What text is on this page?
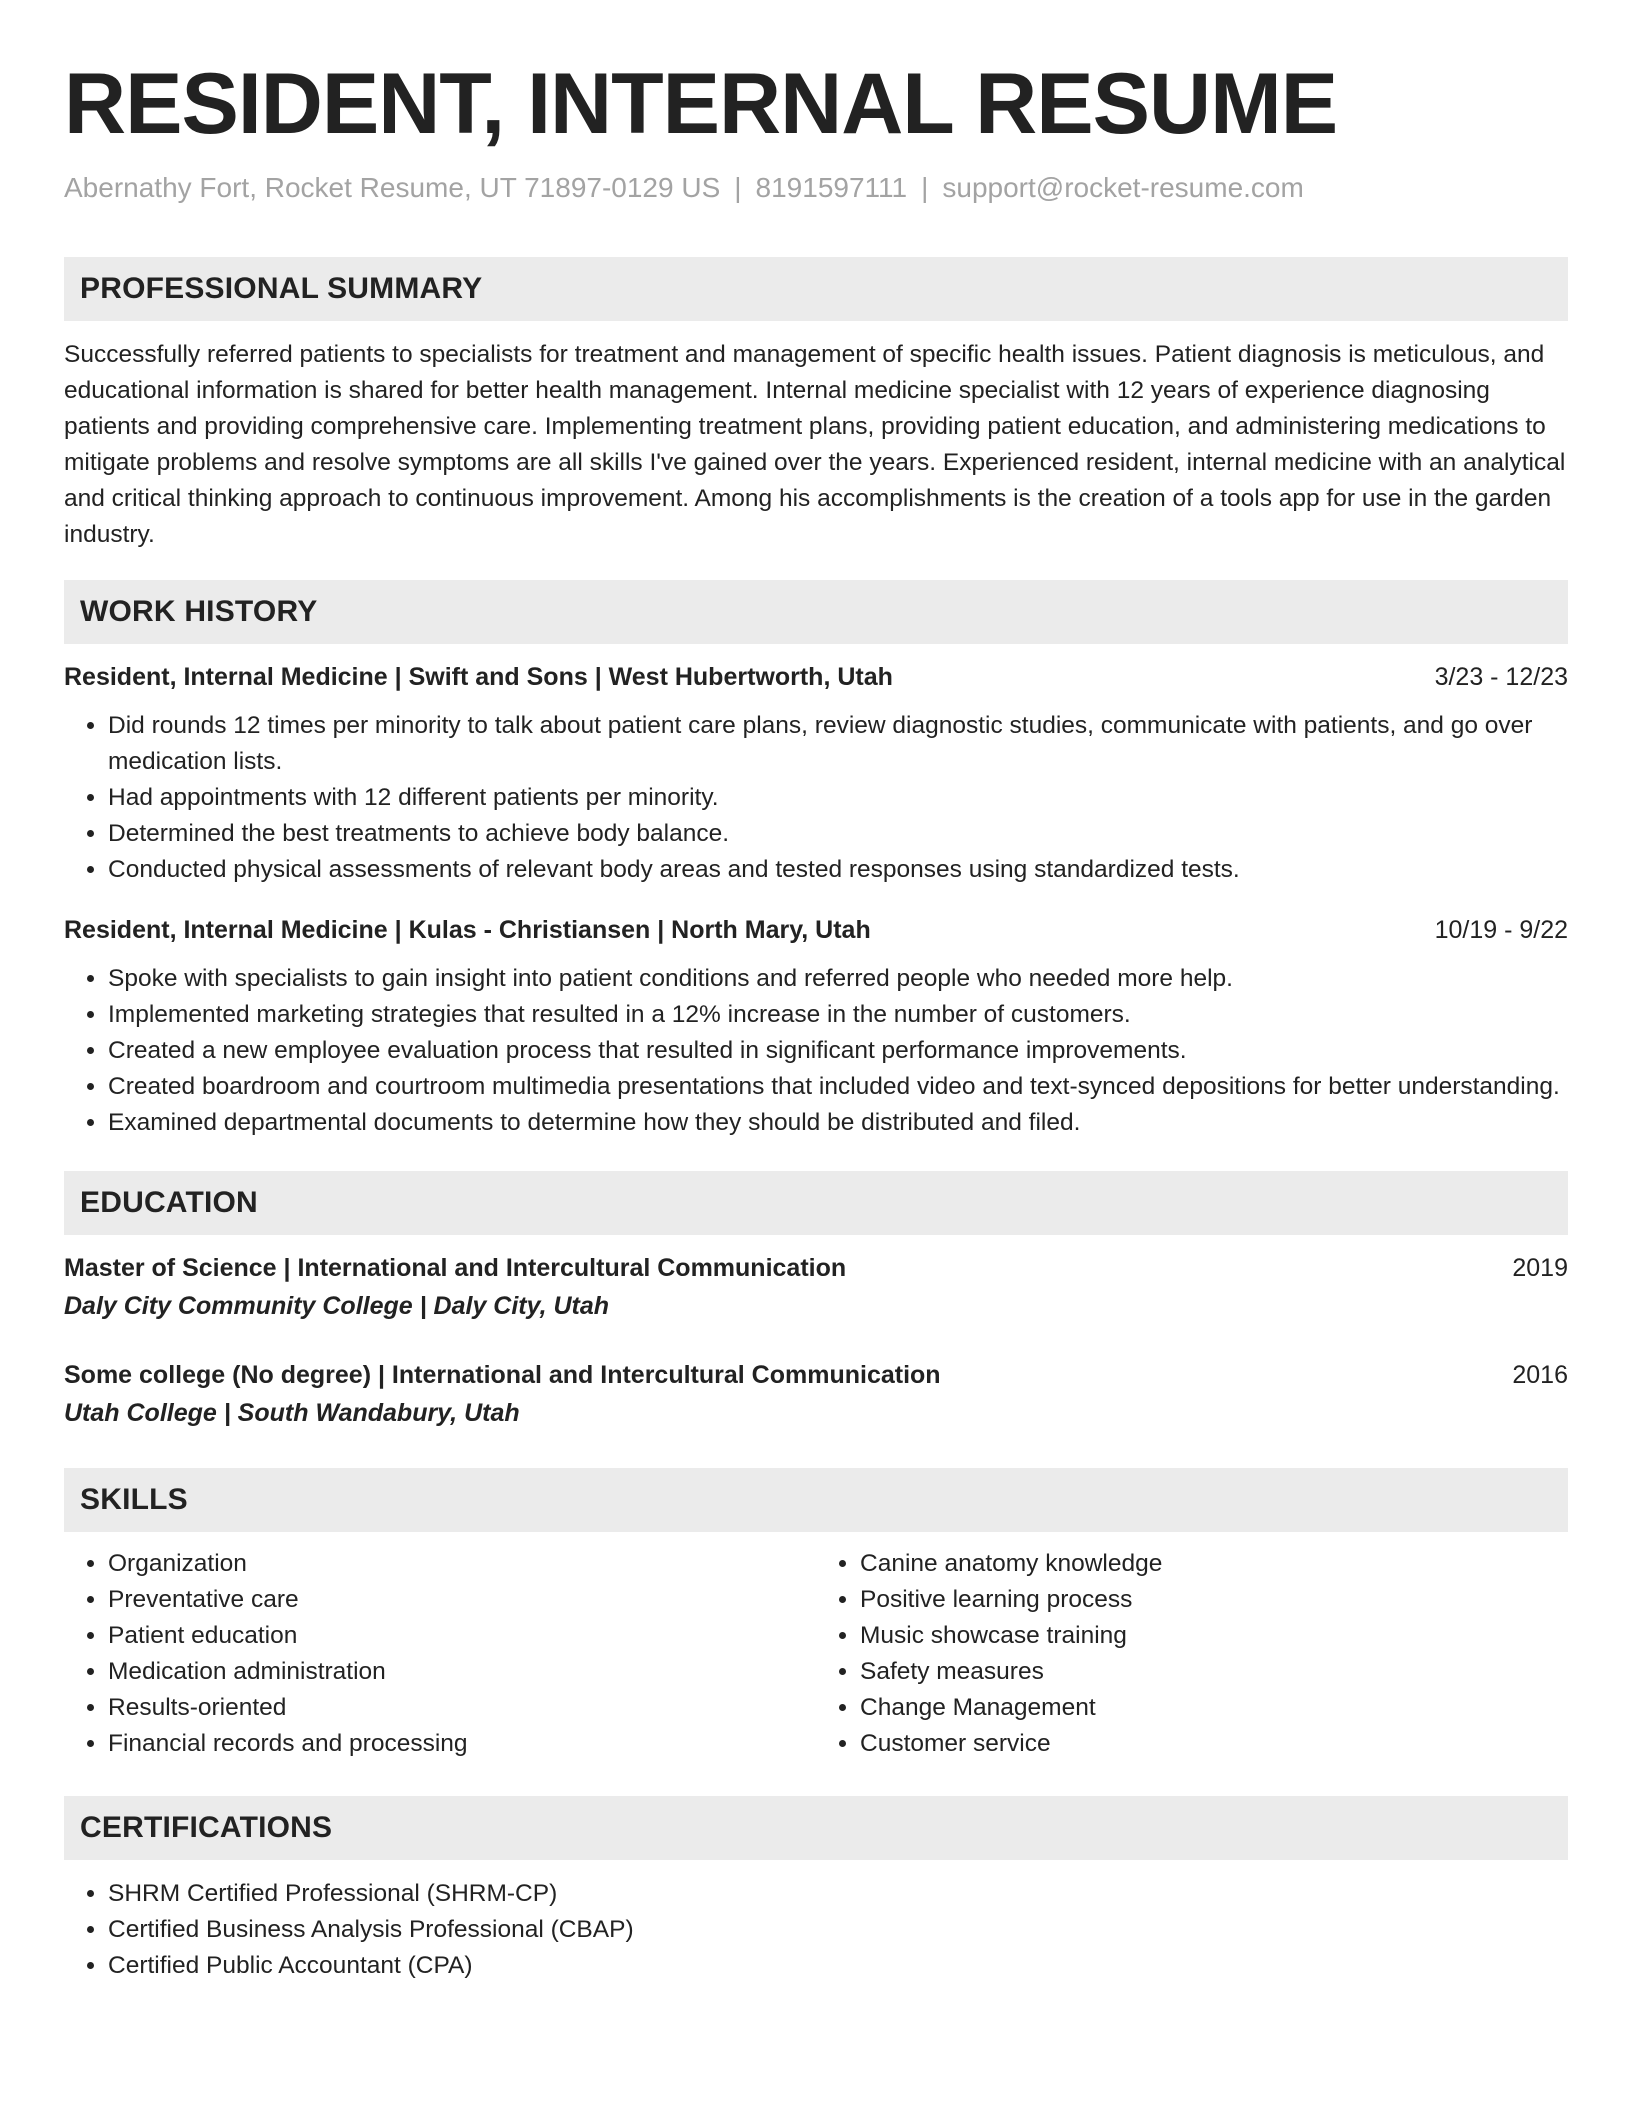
RESIDENT, INTERNAL RESUME
Abernathy Fort, Rocket Resume, UT 71897-0129 US | 8191597111 | support@rocket-resume.com
PROFESSIONAL SUMMARY

Successfully referred patients to specialists for treatment and management of specific health issues. Patient diagnosis is meticulous, and educational information is shared for better health management. Internal medicine specialist with 12 years of experience diagnosing patients and providing comprehensive care. Implementing treatment plans, providing patient education, and administering medications to mitigate problems and resolve symptoms are all skills I've gained over the years. Experienced resident, internal medicine with an analytical and critical thinking approach to continuous improvement. Among his accomplishments is the creation of a tools app for use in the garden industry.

WORK HISTORY
Resident, Internal Medicine | Swift and Sons | West Hubertworth, Utah	3/23 - 12/23
• Did rounds 12 times per minority to talk about patient care plans, review diagnostic studies, communicate with patients, and go over medication lists.
• Had appointments with 12 different patients per minority.
• Determined the best treatments to achieve body balance.
• Conducted physical assessments of relevant body areas and tested responses using standardized tests.
Resident, Internal Medicine | Kulas - Christiansen | North Mary, Utah	10/19 - 9/22
• Spoke with specialists to gain insight into patient conditions and referred people who needed more help.
• Implemented marketing strategies that resulted in a 12% increase in the number of customers.
• Created a new employee evaluation process that resulted in significant performance improvements.
• Created boardroom and courtroom multimedia presentations that included video and text-synced depositions for better understanding.
• Examined departmental documents to determine how they should be distributed and filed.
EDUCATION
Master of Science | International and Intercultural Communication	2019
Daly City Community College | Daly City, Utah
Some college (No degree) | International and Intercultural Communication	2016
Utah College | South Wandabury, Utah
SKILLS
• Organization
• Preventative care
• Patient education
• Medication administration
• Results-oriented
• Financial records and processing
• Canine anatomy knowledge
• Positive learning process
• Music showcase training
• Safety measures
• Change Management
• Customer service
CERTIFICATIONS
• SHRM Certified Professional (SHRM-CP)
• Certified Business Analysis Professional (CBAP)
• Certified Public Accountant (CPA)
